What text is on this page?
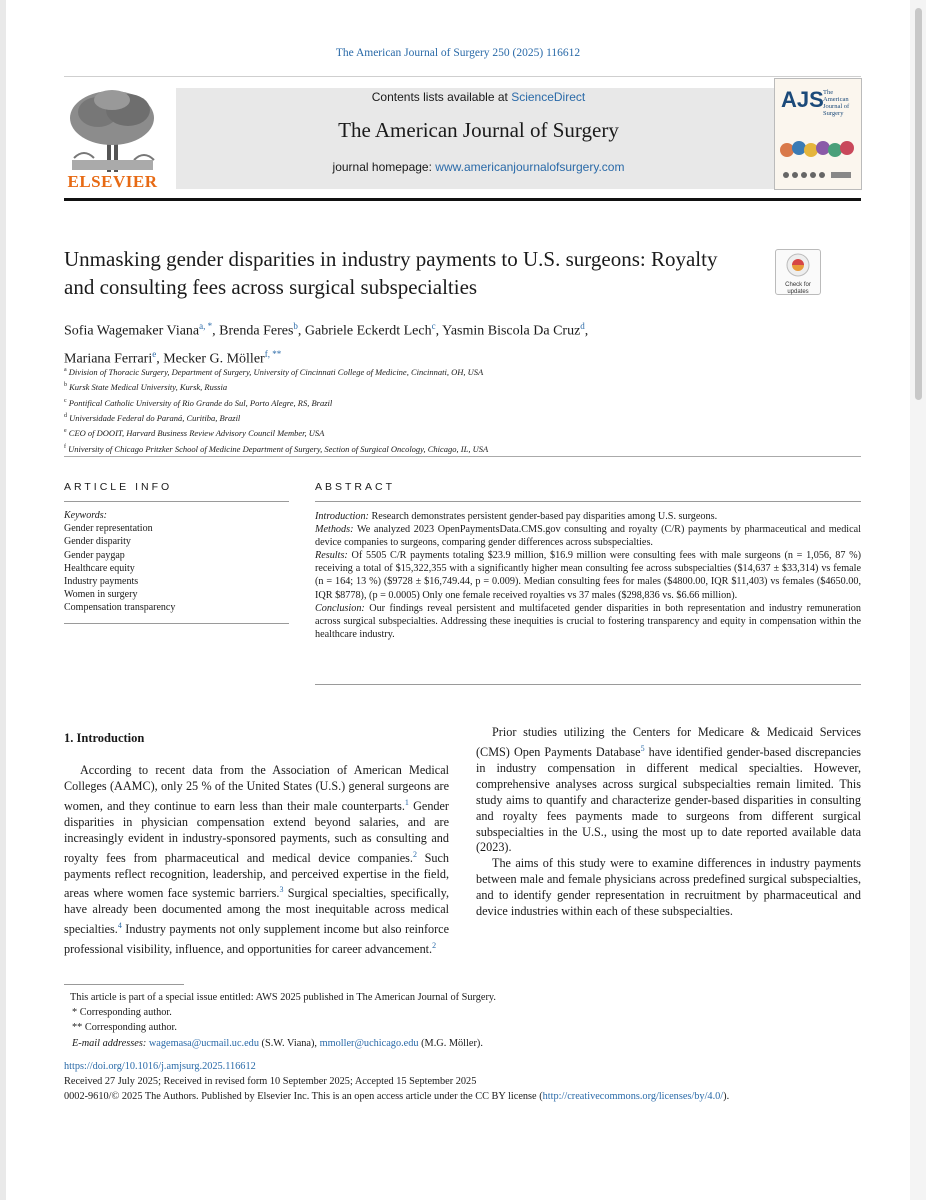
The American Journal of Surgery 250 (2025) 116612
ELSEVIER
Contents lists available at ScienceDirect
The American Journal of Surgery
journal homepage: www.americanjournalofsurgery.com
AJS The American Journal of Surgery
Unmasking gender disparities in industry payments to U.S. surgeons: Royalty and consulting fees across surgical subspecialties	Check for
updates
Sofia Wagemaker Viana$^{a, *}$, Brenda Feres$^b$, Gabriele Eckerdt Lech$^c$, Yasmin Biscola Da Cruz$^d$,
Mariana Ferrari$^e$, Mecker G. Möller$^{f, **}$
$^a$ Division of Thoracic Surgery, Department of Surgery, University of Cincinnati College of Medicine, Cincinnati, OH, USA
$^b$ Kursk State Medical University, Kursk, Russia
$^c$ Pontifical Catholic University of Rio Grande do Sul, Porto Alegre, RS, Brazil
$^d$ Universidade Federal do Paraná, Curitiba, Brazil
$^e$ CEO of DOOIT, Harvard Business Review Advisory Council Member, USA
$^f$ University of Chicago Pritzker School of Medicine Department of Surgery, Section of Surgical Oncology, Chicago, IL, USA
ARTICLE INFO	ABSTRACT
Keywords:
Gender representation
Gender disparity
Gender paygap
Healthcare equity
Industry payments
Women in surgery
Compensation transparency
Introduction: Research demonstrates persistent gender-based pay disparities among U.S. surgeons.
Methods: We analyzed 2023 OpenPaymentsData.CMS.gov consulting and royalty (C/R) payments by pharmaceutical and medical device companies to surgeons, comparing gender differences across subspecialties.
Results: Of 5505 C/R payments totaling $23.9 million, $16.9 million were consulting fees with male surgeons (n = 1,056, 87 %) receiving a total of $15,322,355 with a significantly higher mean consulting fee across subspecialties ($14,637 ± $33,314) vs female (n = 164; 13 %) ($9728 ± $16,749.44, p = 0.009). Median consulting fees for males ($4800.00, IQR $11,403) vs females ($4650.00, IQR $8778), (p = 0.0005) Only one female received royalties vs 37 males ($298,836 vs. $6.66 million).
Conclusion: Our findings reveal persistent and multifaceted gender disparities in both representation and industry remuneration across surgical subspecialties. Addressing these inequities is crucial to fostering transparency and equity in compensation within the healthcare industry.
1. Introduction

According to recent data from the Association of American Medical Colleges (AAMC), only 25 % of the United States (U.S.) general surgeons are women, and they continue to earn less than their male counterparts.$^1$ Gender disparities in physician compensation extend beyond salaries, and are increasingly evident in industry-sponsored payments, such as consulting and royalty fees from pharmaceutical and medical device companies.$^2$ Such payments reflect recognition, leadership, and perceived expertise in the field, areas where women face systemic barriers.$^3$ Surgical specialties, specifically, have already been documented among the most inequitable across medical specialties.$^4$ Industry payments not only supplement income but also reinforce professional visibility, influence, and opportunities for career advancement.$^2$

Prior studies utilizing the Centers for Medicare & Medicaid Services (CMS) Open Payments Database$^5$ have identified gender-based discrepancies in industry compensation in different medical specialties. However, comprehensive analyses across surgical subspecialties remain limited. This study aims to quantify and characterize gender-based disparities in consulting and royalty fees payments made to surgeons from different surgical subspecialties in the U.S., using the most up to date reported available data (2023).

The aims of this study were to examine differences in industry payments between male and female physicians across predefined surgical subspecialties, and to identify gender representation in recruitment by pharmaceutical and device industries within each of these subspecialties.

This article is part of a special issue entitled: AWS 2025 published in The American Journal of Surgery.
* Corresponding author.
** Corresponding author.
E-mail addresses: wagemasa@ucmail.uc.edu (S.W. Viana), mmoller@uchicago.edu (M.G. Möller).
https://doi.org/10.1016/j.amjsurg.2025.116612
Received 27 July 2025; Received in revised form 10 September 2025; Accepted 15 September 2025
0002-9610/© 2025 The Authors. Published by Elsevier Inc. This is an open access article under the CC BY license (http://creativecommons.org/licenses/by/4.0/).
